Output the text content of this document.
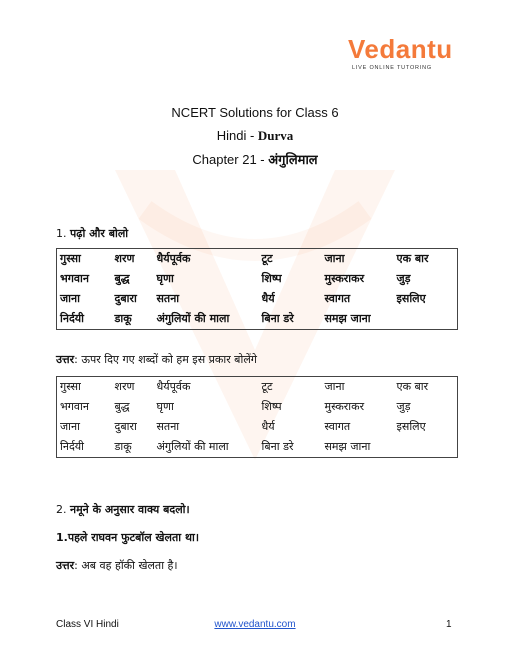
Vedantu
LIVE ONLINE TUTORING
NCERT Solutions for Class 6
Hindi - Durva
Chapter 21 - अंगुलिमाल
1. पढ़ो और बोलो
गुस्सा	शरण	धैर्यपूर्वक	टूट	जाना	एक बार
भगवान	बुद्ध	घृणा	शिष्प	मुस्कराकर	जुड़
जाना	दुबारा	सतना	धैर्य	स्वागत	इसलिए
निर्दयी	डाकू	अंगुलियों की माला	बिना डरे	समझ जाना	
उत्तर: ऊपर दिए गए शब्दों को हम इस प्रकार बोलेंगे
गुस्सा	शरण	धैर्यपूर्वक	टूट	जाना	एक बार
भगवान	बुद्ध	घृणा	शिष्प	मुस्कराकर	जुड़
जाना	दुबारा	सतना	धैर्य	स्वागत	इसलिए
निर्दयी	डाकू	अंगुलियों की माला	बिना डरे	समझ जाना	
2. नमूने के अनुसार वाक्य बदलो।
1.पहले राघवन फुटबॉल खेलता था।
उत्तर: अब वह हॉकी खेलता है।
Class VI Hindi	www.vedantu.com	1
